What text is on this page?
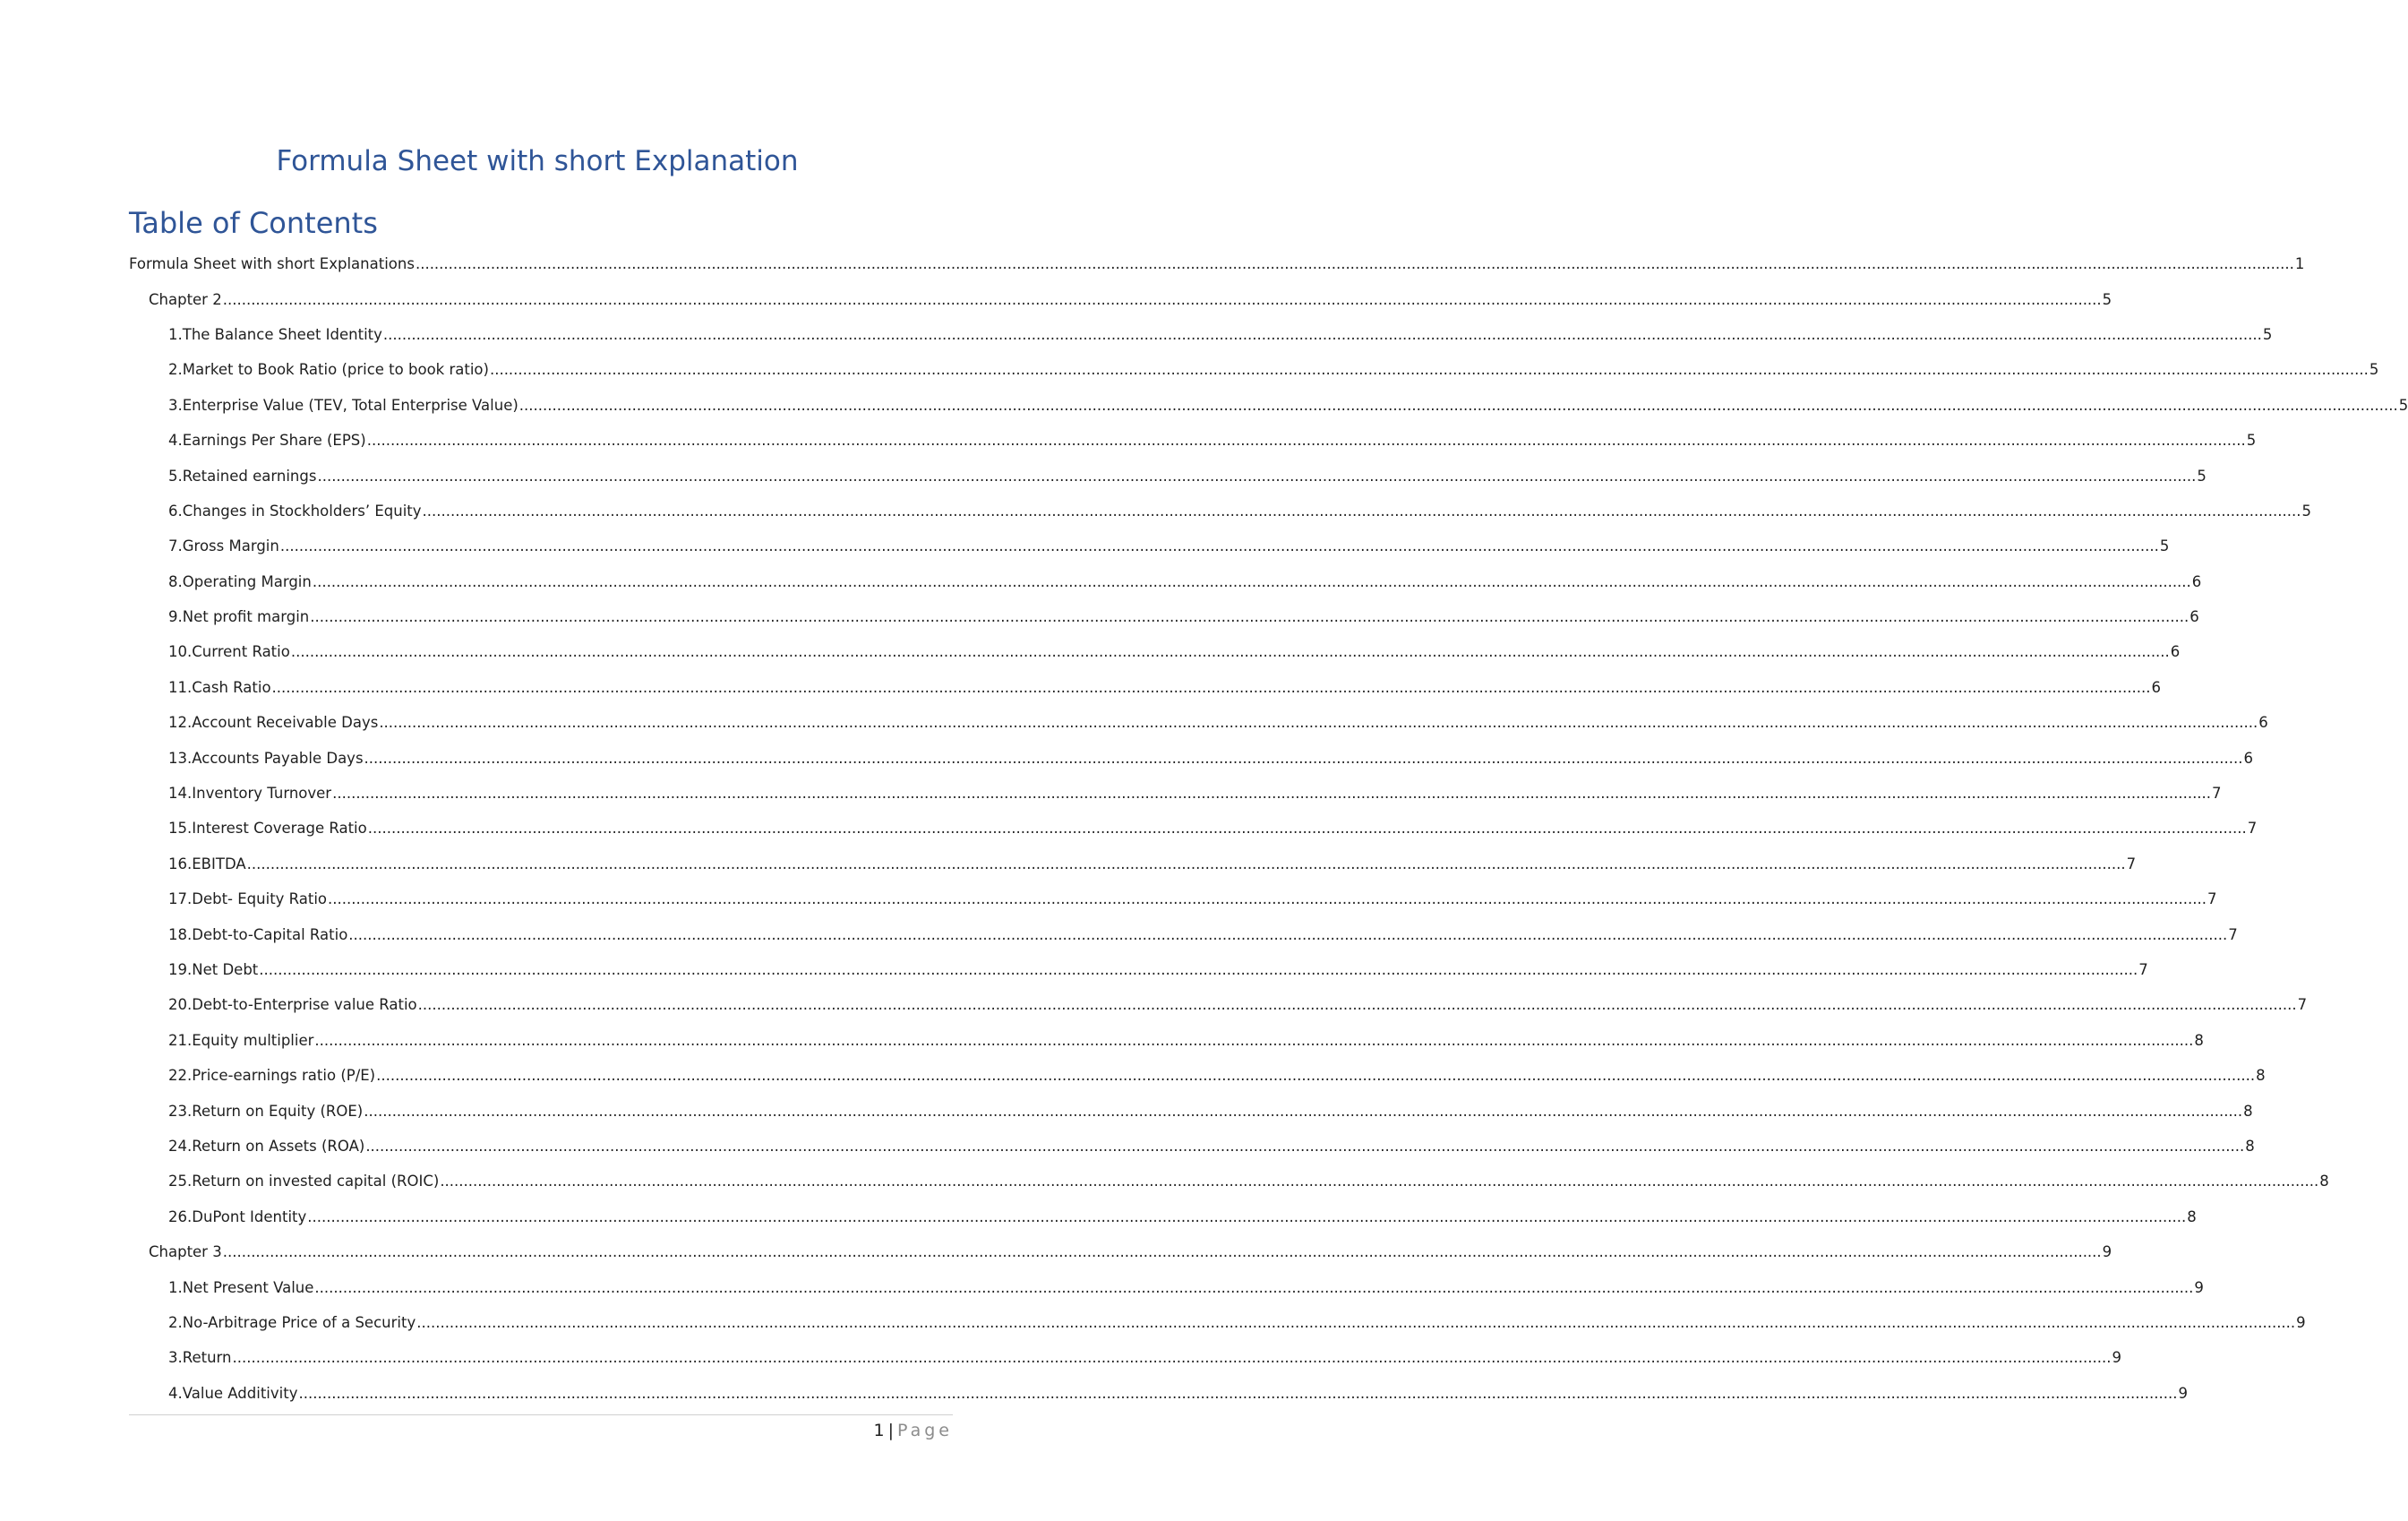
Formula Sheet with short Explanation
Table of Contents
Formula Sheet with short Explanations ................................................................................................................................................................................................................................................................................................................................................................................................................ 1
Chapter 2 ................................................................................................................................................................................................................................................................................................................................................................................................................ 5
1. The Balance Sheet Identity ................................................................................................................................................................................................................................................................................................................................................................................................................ 5
2. Market to Book Ratio (price to book ratio) ................................................................................................................................................................................................................................................................................................................................................................................................................ 5
3. Enterprise Value (TEV, Total Enterprise Value) ................................................................................................................................................................................................................................................................................................................................................................................................................ 5
4. Earnings Per Share (EPS) ................................................................................................................................................................................................................................................................................................................................................................................................................ 5
5. Retained earnings ................................................................................................................................................................................................................................................................................................................................................................................................................ 5
6. Changes in Stockholders’ Equity ................................................................................................................................................................................................................................................................................................................................................................................................................ 5
7. Gross Margin ................................................................................................................................................................................................................................................................................................................................................................................................................ 5
8. Operating Margin ................................................................................................................................................................................................................................................................................................................................................................................................................ 6
9. Net profit margin ................................................................................................................................................................................................................................................................................................................................................................................................................ 6
10. Current Ratio ................................................................................................................................................................................................................................................................................................................................................................................................................ 6
11. Cash Ratio ................................................................................................................................................................................................................................................................................................................................................................................................................ 6
12. Account Receivable Days ................................................................................................................................................................................................................................................................................................................................................................................................................ 6
13. Accounts Payable Days ................................................................................................................................................................................................................................................................................................................................................................................................................ 6
14. Inventory Turnover ................................................................................................................................................................................................................................................................................................................................................................................................................ 7
15. Interest Coverage Ratio ................................................................................................................................................................................................................................................................................................................................................................................................................ 7
16. EBITDA ................................................................................................................................................................................................................................................................................................................................................................................................................ 7
17. Debt- Equity Ratio ................................................................................................................................................................................................................................................................................................................................................................................................................ 7
18. Debt-to-Capital Ratio ................................................................................................................................................................................................................................................................................................................................................................................................................ 7
19. Net Debt ................................................................................................................................................................................................................................................................................................................................................................................................................ 7
20. Debt-to-Enterprise value Ratio ................................................................................................................................................................................................................................................................................................................................................................................................................ 7
21. Equity multiplier ................................................................................................................................................................................................................................................................................................................................................................................................................ 8
22. Price-earnings ratio (P/E) ................................................................................................................................................................................................................................................................................................................................................................................................................ 8
23. Return on Equity (ROE) ................................................................................................................................................................................................................................................................................................................................................................................................................ 8
24. Return on Assets (ROA) ................................................................................................................................................................................................................................................................................................................................................................................................................ 8
25. Return on invested capital (ROIC) ................................................................................................................................................................................................................................................................................................................................................................................................................ 8
26. DuPont Identity ................................................................................................................................................................................................................................................................................................................................................................................................................ 8
Chapter 3 ................................................................................................................................................................................................................................................................................................................................................................................................................ 9
1. Net Present Value ................................................................................................................................................................................................................................................................................................................................................................................................................ 9
2. No-Arbitrage Price of a Security ................................................................................................................................................................................................................................................................................................................................................................................................................ 9
3. Return ................................................................................................................................................................................................................................................................................................................................................................................................................ 9
4. Value Additivity ................................................................................................................................................................................................................................................................................................................................................................................................................ 9
1 | Page
